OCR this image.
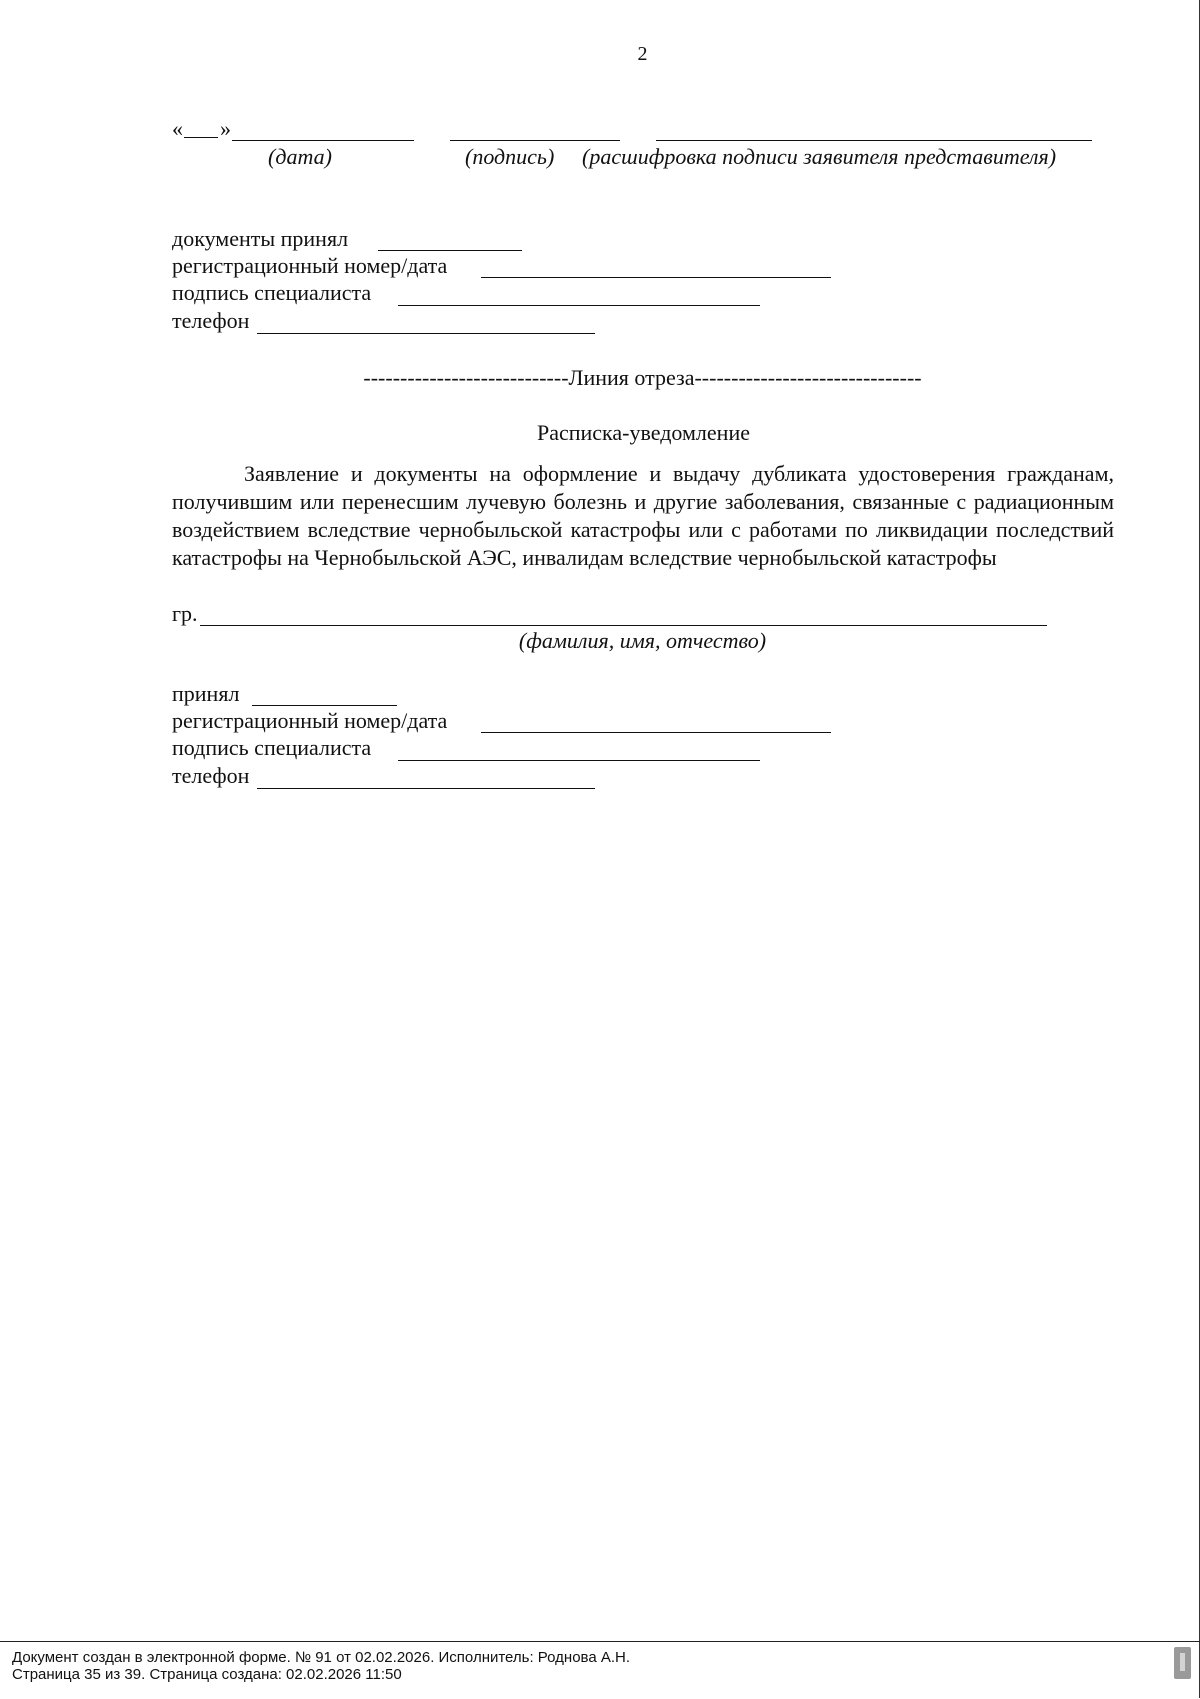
2
« »
(дата)	(подпись) (расшифровка подписи заявителя представителя)
документы принял
регистрационный номер/дата
подпись специалиста
телефон
----------------------------Линия отреза-------------------------------
Расписка-уведомление
Заявление и документы на оформление и выдачу дубликата удостоверения гражданам, получившим или перенесшим лучевую болезнь и другие заболевания, связанные с радиационным воздействием вследствие чернобыльской катастрофы или с работами по ликвидации последствий катастрофы на Чернобыльской АЭС, инвалидам вследствие чернобыльской катастрофы
гр.
(фамилия, имя, отчество)
принял
регистрационный номер/дата
подпись специалиста
телефон
Документ создан в электронной форме. № 91 от 02.02.2026. Исполнитель: Роднова А.Н.
Страница 35 из 39. Страница создана: 02.02.2026 11:50
